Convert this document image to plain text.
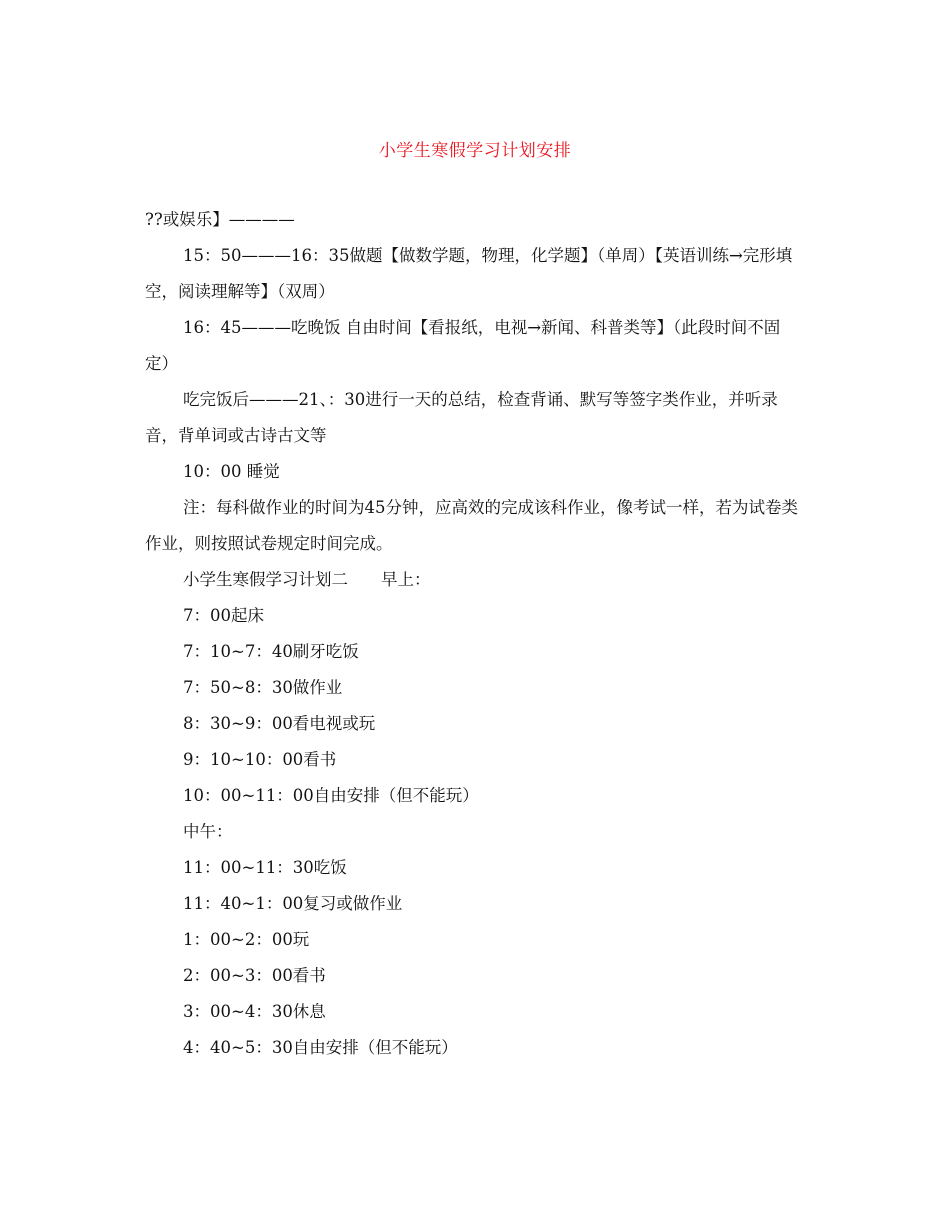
小学生寒假学习计划安排

??或娱乐】————

15：50———16：35做题【做数学题，物理，化学题】（单周）【英语训练→完形填空，阅读理解等】（双周）

16：45———吃晚饭 自由时间【看报纸，电视→新闻、科普类等】（此段时间不固定）

吃完饭后———21、：30进行一天的总结，检查背诵、默写等签字类作业，并听录音，背单词或古诗古文等

10：00 睡觉

注：每科做作业的时间为45分钟，应高效的完成该科作业，像考试一样，若为试卷类作业，则按照试卷规定时间完成。

小学生寒假学习计划二　　早上：

7：00起床

7：10~7：40刷牙吃饭

7：50~8：30做作业

8：30~9：00看电视或玩

9：10~10：00看书

10：00~11：00自由安排（但不能玩）

中午：

11：00~11：30吃饭

11：40~1：00复习或做作业

1：00~2：00玩

2：00~3：00看书

3：00~4：30休息

4：40~5：30自由安排（但不能玩）
